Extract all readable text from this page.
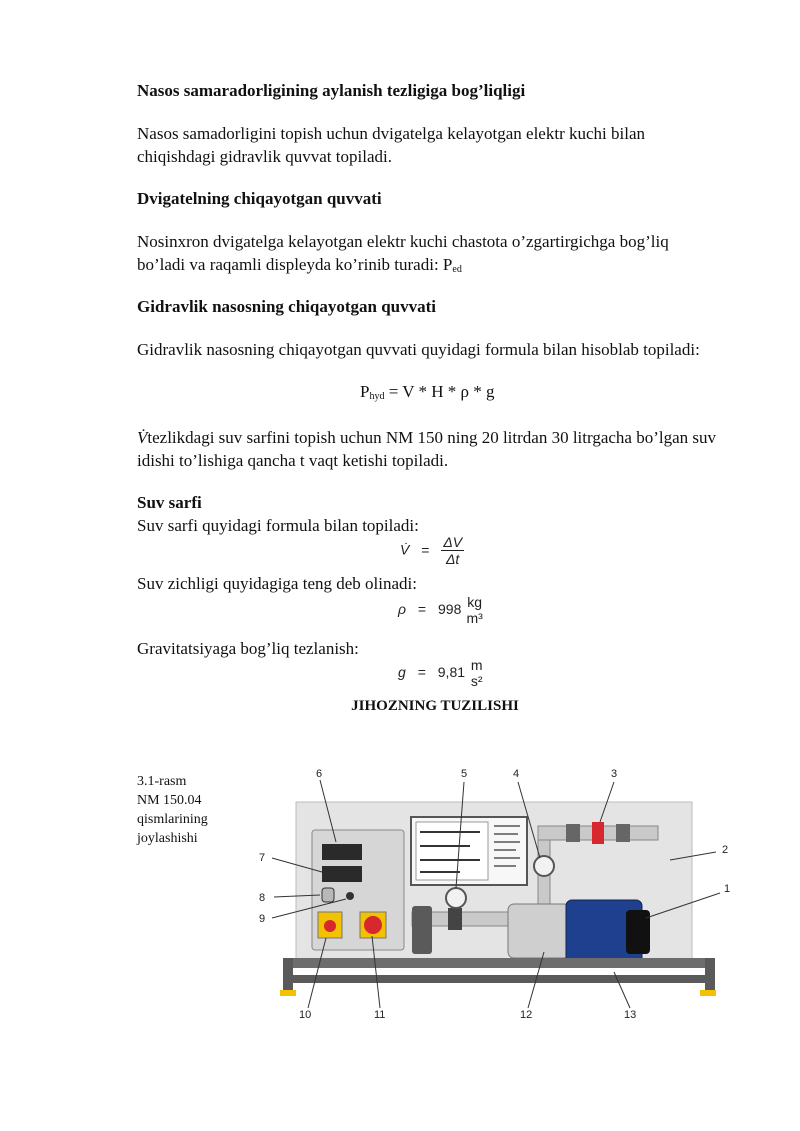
Nasos samaradorligining aylanish tezligiga bog’liqligi

Nasos samadorligini topish uchun dvigatelga kelayotgan elektr kuchi bilan chiqishdagi gidravlik quvvat topiladi.

Dvigatelning chiqayotgan quvvati

Nosinxron dvigatelga kelayotgan elektr kuchi chastota o’zgartirgichga bog’liq bo’ladi va raqamli displeyda ko’rinib turadi: $P_{ed}$

Gidravlik nasosning chiqayotgan quvvati

Gidravlik nasosning chiqayotgan quvvati quyidagi formula bilan hisoblab topiladi:

$P_{hyd} = V * H * \rho * g$

V̇tezlikdagi suv sarfini topish uchun NM 150 ning 20 litrdan 30 litrgacha bo’lgan suv idishi to’lishiga qancha t vaqt ketishi topiladi.

Suv sarfi

Suv sarfi quyidagi formula bilan topiladi:

V̇ = $\frac{\Delta V}{\Delta t}$

Suv zichligi quyidagiga teng deb olinadi:

ρ = 998 kg
m³

Gravitatsiyaga bog’liq tezlanish:

g = 9,81 m
s²
JIHOZNING TUZILISHI
3.1-rasm
NM 150.04
qismlarining
joylashishi
1
2
3
4
5
6
7
8
9
10	11	12	13
